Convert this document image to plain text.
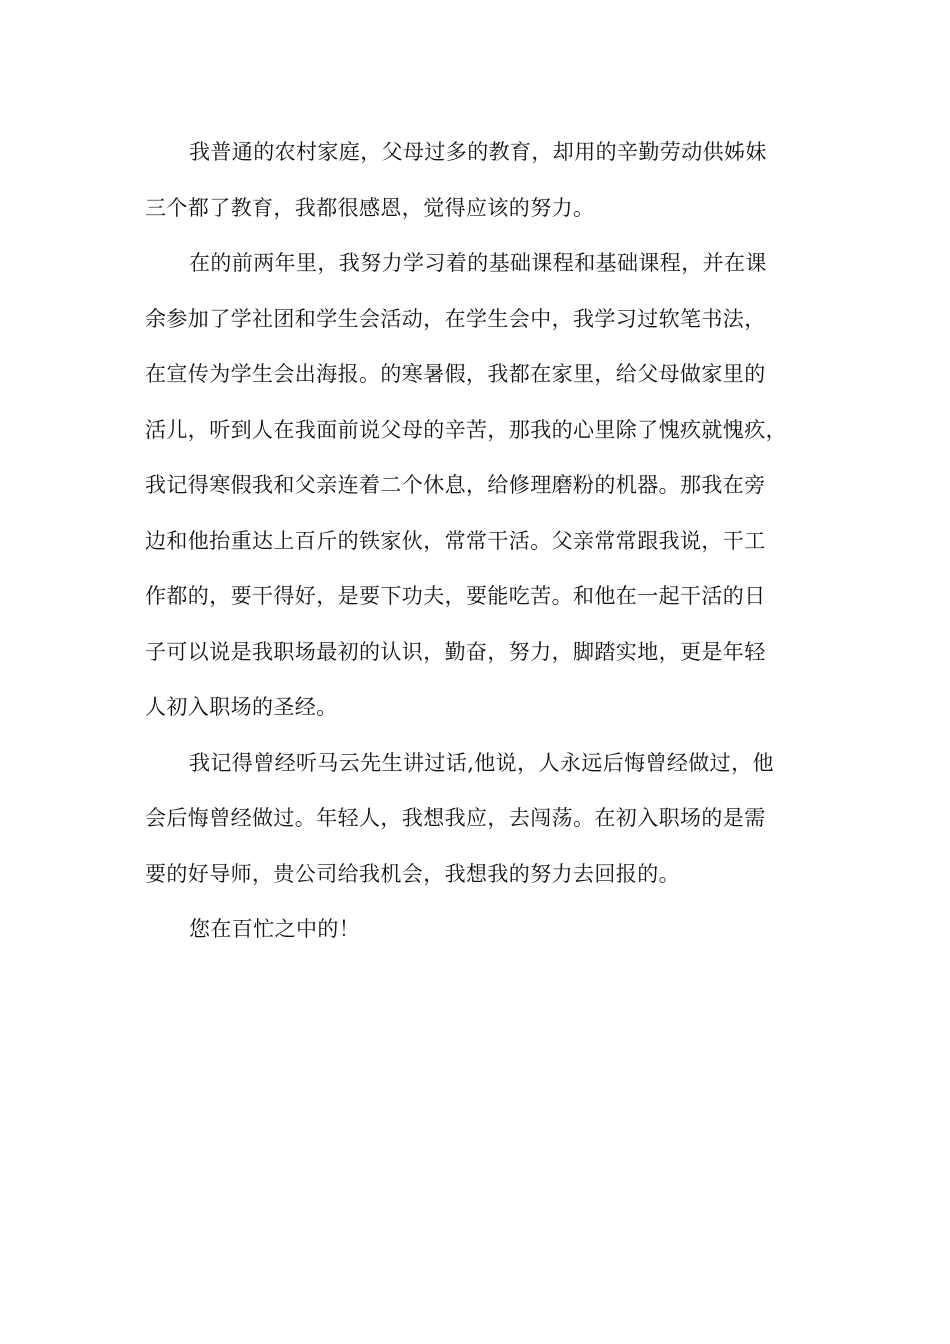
我普通的农村家庭，父母过多的教育，却用的辛勤劳动供姊妹
三个都了教育，我都很感恩，觉得应该的努力。
在的前两年里，我努力学习着的基础课程和基础课程，并在课
余参加了学社团和学生会活动，在学生会中，我学习过软笔书法，
在宣传为学生会出海报。的寒暑假，我都在家里，给父母做家里的
活儿，听到人在我面前说父母的辛苦，那我的心里除了愧疚就愧疚，
我记得寒假我和父亲连着二个休息，给修理磨粉的机器。那我在旁
边和他抬重达上百斤的铁家伙，常常干活。父亲常常跟我说，干工
作都的，要干得好，是要下功夫，要能吃苦。和他在一起干活的日
子可以说是我职场最初的认识，勤奋，努力，脚踏实地，更是年轻
人初入职场的圣经。
我记得曾经听马云先生讲过话,他说，人永远后悔曾经做过，他
会后悔曾经做过。年轻人，我想我应，去闯荡。在初入职场的是需
要的好导师，贵公司给我机会，我想我的努力去回报的。
您在百忙之中的！
